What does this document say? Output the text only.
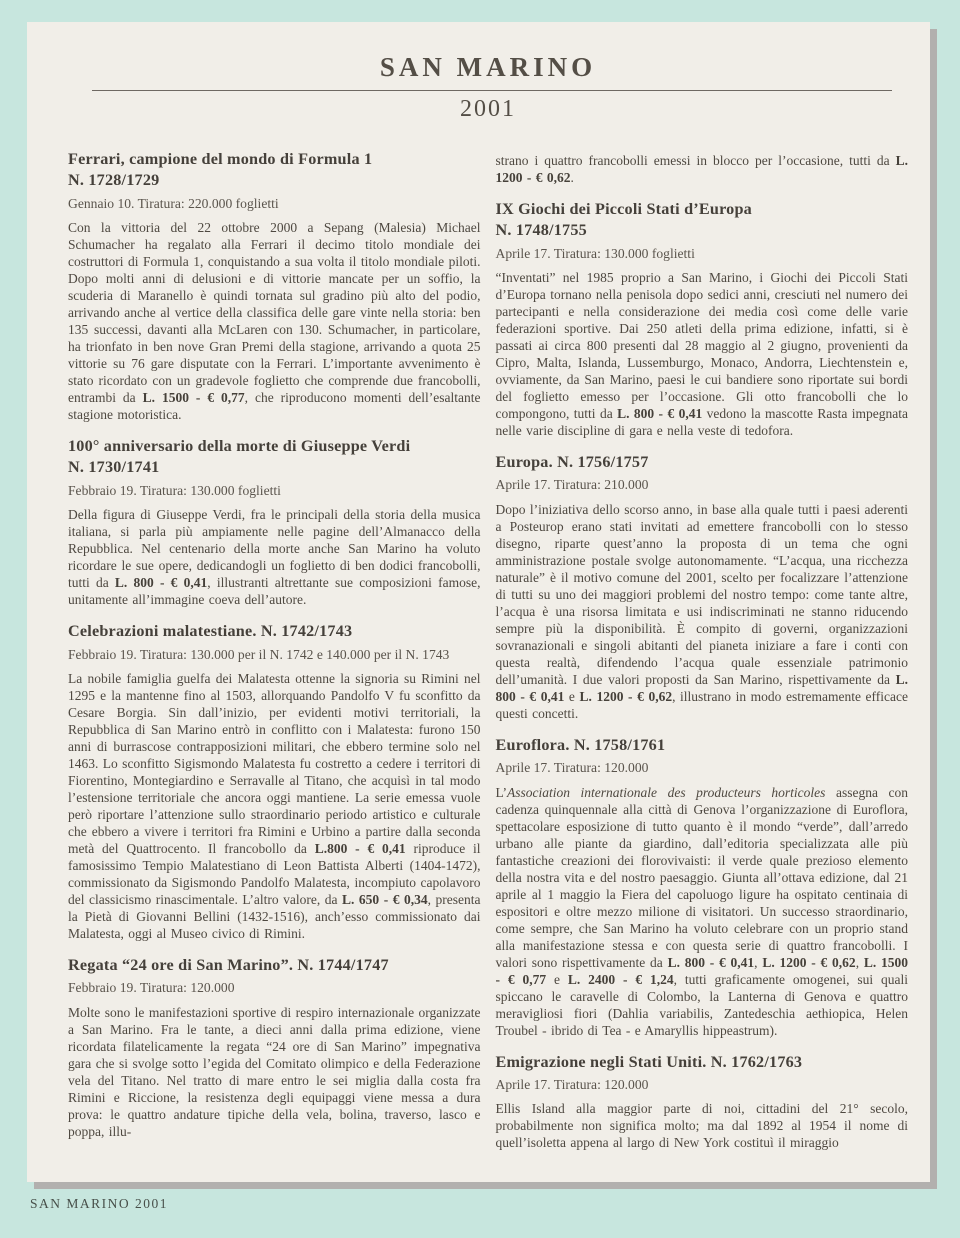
SAN MARINO
2001
Ferrari, campione del mondo di Formula 1
N. 1728/1729
Gennaio 10. Tiratura: 220.000 foglietti

Con la vittoria del 22 ottobre 2000 a Sepang (Malesia) Michael Schumacher ha regalato alla Ferrari il decimo titolo mondiale dei costruttori di Formula 1, conquistando a sua volta il titolo mondiale piloti. Dopo molti anni di delusioni e di vittorie mancate per un soffio, la scuderia di Maranello è quindi tornata sul gradino più alto del podio, arrivando anche al vertice della classifica delle gare vinte nella storia: ben 135 successi, davanti alla McLaren con 130. Schumacher, in particolare, ha trionfato in ben nove Gran Premi della stagione, arrivando a quota 25 vittorie su 76 gare disputate con la Ferrari. L’importante avvenimento è stato ricordato con un gradevole foglietto che comprende due francobolli, entrambi da L. 1500 - € 0,77, che riproducono momenti dell’esaltante stagione motoristica.

100° anniversario della morte di Giuseppe Verdi
N. 1730/1741
Febbraio 19. Tiratura: 130.000 foglietti

Della figura di Giuseppe Verdi, fra le principali della storia della musica italiana, si parla più ampiamente nelle pagine dell’Almanacco della Repubblica. Nel centenario della morte anche San Marino ha voluto ricordare le sue opere, dedicandogli un foglietto di ben dodici francobolli, tutti da L. 800 - € 0,41, illustranti altrettante sue composizioni famose, unitamente all’immagine coeva dell’autore.

Celebrazioni malatestiane. N. 1742/1743
Febbraio 19. Tiratura: 130.000 per il N. 1742 e 140.000 per il N. 1743

La nobile famiglia guelfa dei Malatesta ottenne la signoria su Rimini nel 1295 e la mantenne fino al 1503, allorquando Pandolfo V fu sconfitto da Cesare Borgia. Sin dall’inizio, per evidenti motivi territoriali, la Repubblica di San Marino entrò in conflitto con i Malatesta: furono 150 anni di burrascose contrapposizioni militari, che ebbero termine solo nel 1463. Lo sconfitto Sigismondo Malatesta fu costretto a cedere i territori di Fiorentino, Montegiardino e Serravalle al Titano, che acquisì in tal modo l’estensione territoriale che ancora oggi mantiene. La serie emessa vuole però riportare l’attenzione sullo straordinario periodo artistico e culturale che ebbero a vivere i territori fra Rimini e Urbino a partire dalla seconda metà del Quattrocento. Il francobollo da L.800 - € 0,41 riproduce il famosissimo Tempio Malatestiano di Leon Battista Alberti (1404-1472), commissionato da Sigismondo Pandolfo Malatesta, incompiuto capolavoro del classicismo rinascimentale. L’altro valore, da L. 650 - € 0,34, presenta la Pietà di Giovanni Bellini (1432-1516), anch’esso commissionato dai Malatesta, oggi al Museo civico di Rimini.

Regata “24 ore di San Marino”. N. 1744/1747
Febbraio 19. Tiratura: 120.000

Molte sono le manifestazioni sportive di respiro internazionale organizzate a San Marino. Fra le tante, a dieci anni dalla prima edizione, viene ricordata filatelicamente la regata “24 ore di San Marino” impegnativa gara che si svolge sotto l’egida del Comitato olimpico e della Federazione vela del Titano. Nel tratto di mare entro le sei miglia dalla costa fra Rimini e Riccione, la resistenza degli equipaggi viene messa a dura prova: le quattro andature tipiche della vela, bolina, traverso, lasco e poppa, illu-

strano i quattro francobolli emessi in blocco per l’occasione, tutti da L. 1200 - € 0,62.

IX Giochi dei Piccoli Stati d’Europa
N. 1748/1755
Aprile 17. Tiratura: 130.000 foglietti

“Inventati” nel 1985 proprio a San Marino, i Giochi dei Piccoli Stati d’Europa tornano nella penisola dopo sedici anni, cresciuti nel numero dei partecipanti e nella considerazione dei media così come delle varie federazioni sportive. Dai 250 atleti della prima edizione, infatti, si è passati ai circa 800 presenti dal 28 maggio al 2 giugno, provenienti da Cipro, Malta, Islanda, Lussemburgo, Monaco, Andorra, Liechtenstein e, ovviamente, da San Marino, paesi le cui bandiere sono riportate sui bordi del foglietto emesso per l’occasione. Gli otto francobolli che lo compongono, tutti da L. 800 - € 0,41 vedono la mascotte Rasta impegnata nelle varie discipline di gara e nella veste di tedofora.

Europa. N. 1756/1757
Aprile 17. Tiratura: 210.000

Dopo l’iniziativa dello scorso anno, in base alla quale tutti i paesi aderenti a Posteurop erano stati invitati ad emettere francobolli con lo stesso disegno, riparte quest’anno la proposta di un tema che ogni amministrazione postale svolge autonomamente. “L’acqua, una ricchezza naturale” è il motivo comune del 2001, scelto per focalizzare l’attenzione di tutti su uno dei maggiori problemi del nostro tempo: come tante altre, l’acqua è una risorsa limitata e usi indiscriminati ne stanno riducendo sempre più la disponibilità. È compito di governi, organizzazioni sovranazionali e singoli abitanti del pianeta iniziare a fare i conti con questa realtà, difendendo l’acqua quale essenziale patrimonio dell’umanità. I due valori proposti da San Marino, rispettivamente da L. 800 - € 0,41 e L. 1200 - € 0,62, illustrano in modo estremamente efficace questi concetti.

Euroflora. N. 1758/1761
Aprile 17. Tiratura: 120.000

L’Association internationale des producteurs horticoles assegna con cadenza quinquennale alla città di Genova l’organizzazione di Euroflora, spettacolare esposizione di tutto quanto è il mondo “verde”, dall’arredo urbano alle piante da giardino, dall’editoria specializzata alle più fantastiche creazioni dei florovivaisti: il verde quale prezioso elemento della nostra vita e del nostro paesaggio. Giunta all’ottava edizione, dal 21 aprile al 1 maggio la Fiera del capoluogo ligure ha ospitato centinaia di espositori e oltre mezzo milione di visitatori. Un successo straordinario, come sempre, che San Marino ha voluto celebrare con un proprio stand alla manifestazione stessa e con questa serie di quattro francobolli. I valori sono rispettivamente da L. 800 - € 0,41, L. 1200 - € 0,62, L. 1500 - € 0,77 e L. 2400 - € 1,24, tutti graficamente omogenei, sui quali spiccano le caravelle di Colombo, la Lanterna di Genova e quattro meravigliosi fiori (Dahlia variabilis, Zantedeschia aethiopica, Helen Troubel - ibrido di Tea - e Amaryllis hippeastrum).

Emigrazione negli Stati Uniti. N. 1762/1763
Aprile 17. Tiratura: 120.000

Ellis Island alla maggior parte di noi, cittadini del 21° secolo, probabilmente non significa molto; ma dal 1892 al 1954 il nome di quell’isoletta appena al largo di New York costituì il miraggio

SAN MARINO 2001
